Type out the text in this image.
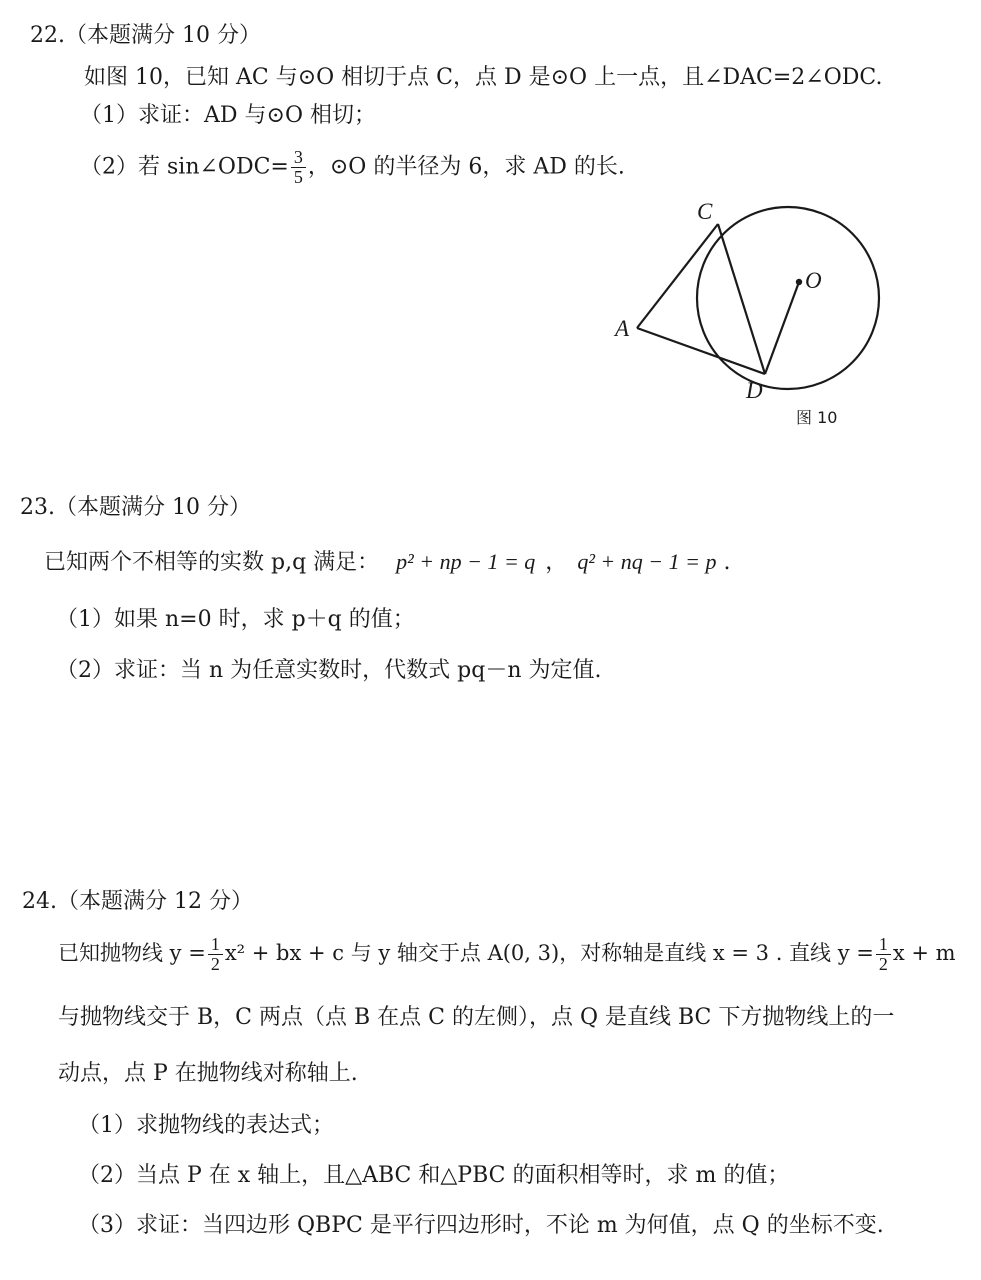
22.（本题满分 10 分）
如图 10，已知 AC 与⊙O 相切于点 C，点 D 是⊙O 上一点，且∠DAC=2∠ODC.
（1）求证：AD 与⊙O 相切；
（2）若 sin∠ODC= $\frac{3}{5}$ ，⊙O 的半径为 6，求 AD 的长.
C
O
A
D
图 10
23.（本题满分 10 分）
已知两个不相等的实数 p,q 满足： p² + np − 1 = q ， q² + nq − 1 = p .
（1）如果 n=0 时，求 p＋q 的值；
（2）求证：当 n 为任意实数时，代数式 pq－n 为定值.
24.（本题满分 12 分）
已知抛物线 $y = \frac{1}{2} x^2$ + bx + c 与 y 轴交于点 A(0, 3)，对称轴是直线 x = 3 . 直线 $y = \frac{1}{2}$ x + m
与抛物线交于 B，C 两点（点 B 在点 C 的左侧），点 Q 是直线 BC 下方抛物线上的一
动点，点 P 在抛物线对称轴上.
（1）求抛物线的表达式；
（2）当点 P 在 x 轴上，且△ABC 和△PBC 的面积相等时，求 m 的值；
（3）求证：当四边形 QBPC 是平行四边形时，不论 m 为何值，点 Q 的坐标不变.
